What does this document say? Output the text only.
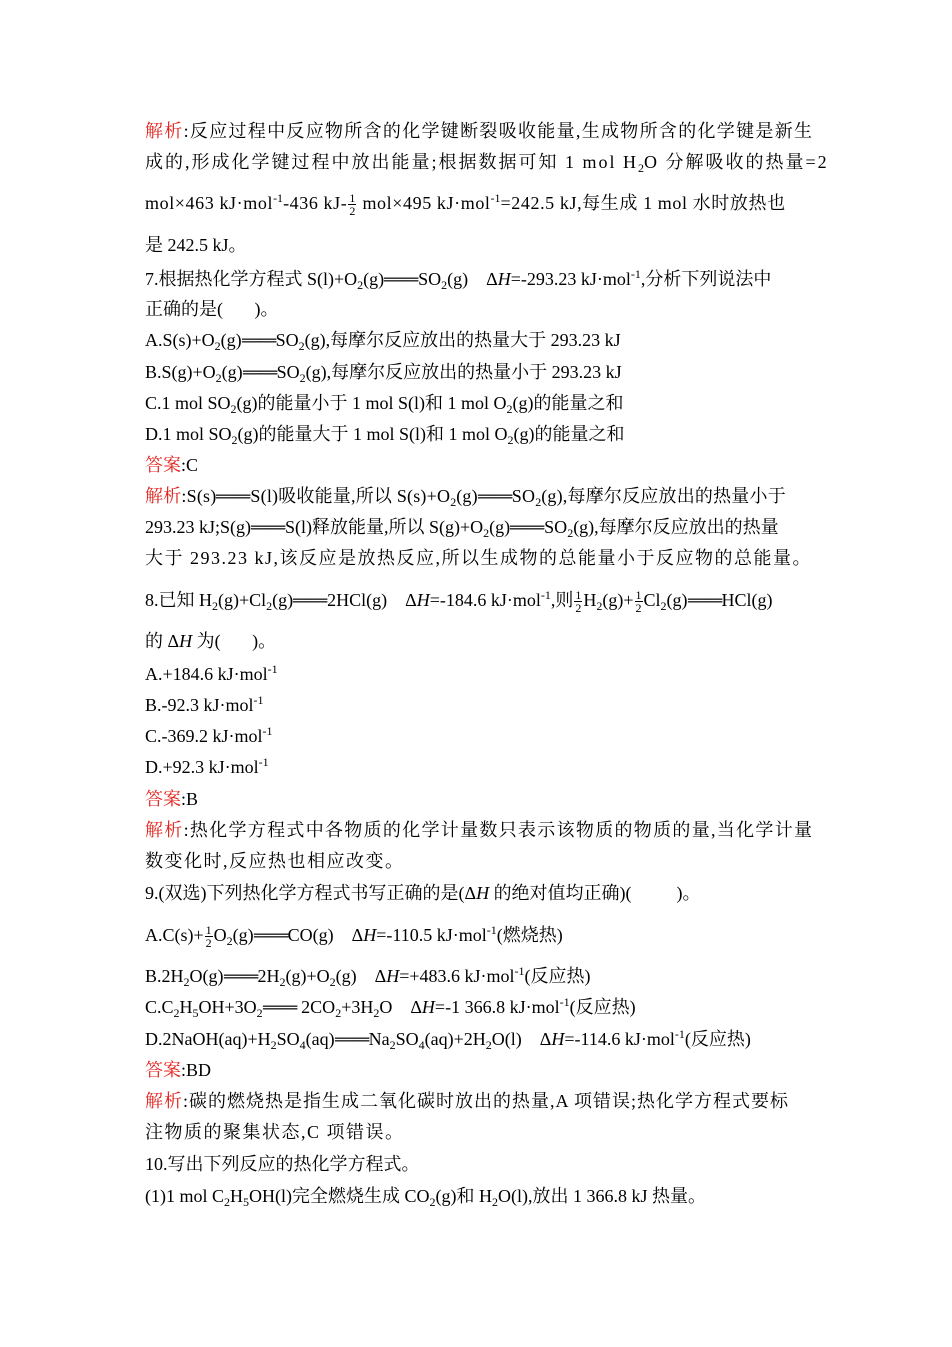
解析:反应过程中反应物所含的化学键断裂吸收能量,生成物所含的化学键是新生
成的,形成化学键过程中放出能量;根据数据可知 1 mol $H_2O$ 分解吸收的热量=2
mol×463 kJ·mol$^{-1}$-436 $kJ- \frac{1}{2} mol\times 495$ kJ·mol$^{-1}$=242.5 kJ,每生成 1 mol 水时放热也
是 242.5 kJ。
7.根据热化学方程式 $S(l)+O_2(g)$ ══ $SO_2(g)$    ΔH=-293.23 kJ·mol$^{-1}$,分析下列说法中
正确的是(       )。
$A.S(s)+O_2(g)$ ══ $SO_2(g)$,每摩尔反应放出的热量大于 293.23 kJ
$B.S(g)+O_2(g)$ ══ $SO_2(g)$,每摩尔反应放出的热量小于 293.23 kJ
C.1 mol $SO_2(g)$的能量小于 1 mol S(l)和 1 mol $O_2(g)$的能量之和
D.1 mol $SO_2(g)$的能量大于 1 mol S(l)和 1 mol $O_2(g)$的能量之和
答案:C
解析:S(s) ══ S(l)吸收能量,所以 $S(s)+O_2(g)$ ══ $SO_2(g)$,每摩尔反应放出的热量小于
293.23 kJ;S(g) ══ S(l)释放能量,所以 $S(g)+O_2(g)$ ══ $SO_2(g)$,每摩尔反应放出的热量
大于 293.23 kJ,该反应是放热反应,所以生成物的总能量小于反应物的总能量。
8.已知 $H_2(g)+Cl_2(g)$ ══ 2HCl(g)    ΔH=-184.6 kJ·mol$^{-1}$,则 $\frac{1}{2} H_2(g)+ \frac{1}{2} Cl_2(g)$ ══ HCl(g)
的 ΔH 为(       )。
A.+184.6 kJ·mol$^{-1}$
B.-92.3 kJ·mol$^{-1}$
C.-369.2 kJ·mol$^{-1}$
D.+92.3 kJ·mol$^{-1}$
答案:B
解析:热化学方程式中各物质的化学计量数只表示该物质的物质的量,当化学计量
数变化时,反应热也相应改变。
9.(双选)下列热化学方程式书写正确的是(ΔH 的绝对值均正确)(          )。
$A.C(s)+ \frac{1}{2} O_2(g)$ ══ CO(g)    ΔH=-110.5 kJ·mol$^{-1}$(燃烧热)
$B.2H_2O(g)$ ══ $2H_2(g)+O_2(g)$    ΔH=+483.6 kJ·mol$^{-1}$(反应热)
$C.C_2H_5OH+3O_2$ ══ $2CO_2+3H_2O$    ΔH=-1 366.8 kJ·mol$^{-1}$(反应热)
$D.2NaOH(aq)+H_2SO_4(aq)$ ══ $Na_2SO_4(aq)+2H_2O(l)$    ΔH=-114.6 kJ·mol$^{-1}$(反应热)
答案:BD
解析:碳的燃烧热是指生成二氧化碳时放出的热量,A 项错误;热化学方程式要标
注物质的聚集状态,C 项错误。
10.写出下列反应的热化学方程式。
(1)1 mol $C_2H_5OH(l)$完全燃烧生成 $CO_2(g)$和 $H_2O(l)$,放出 1 366.8 kJ 热量。
